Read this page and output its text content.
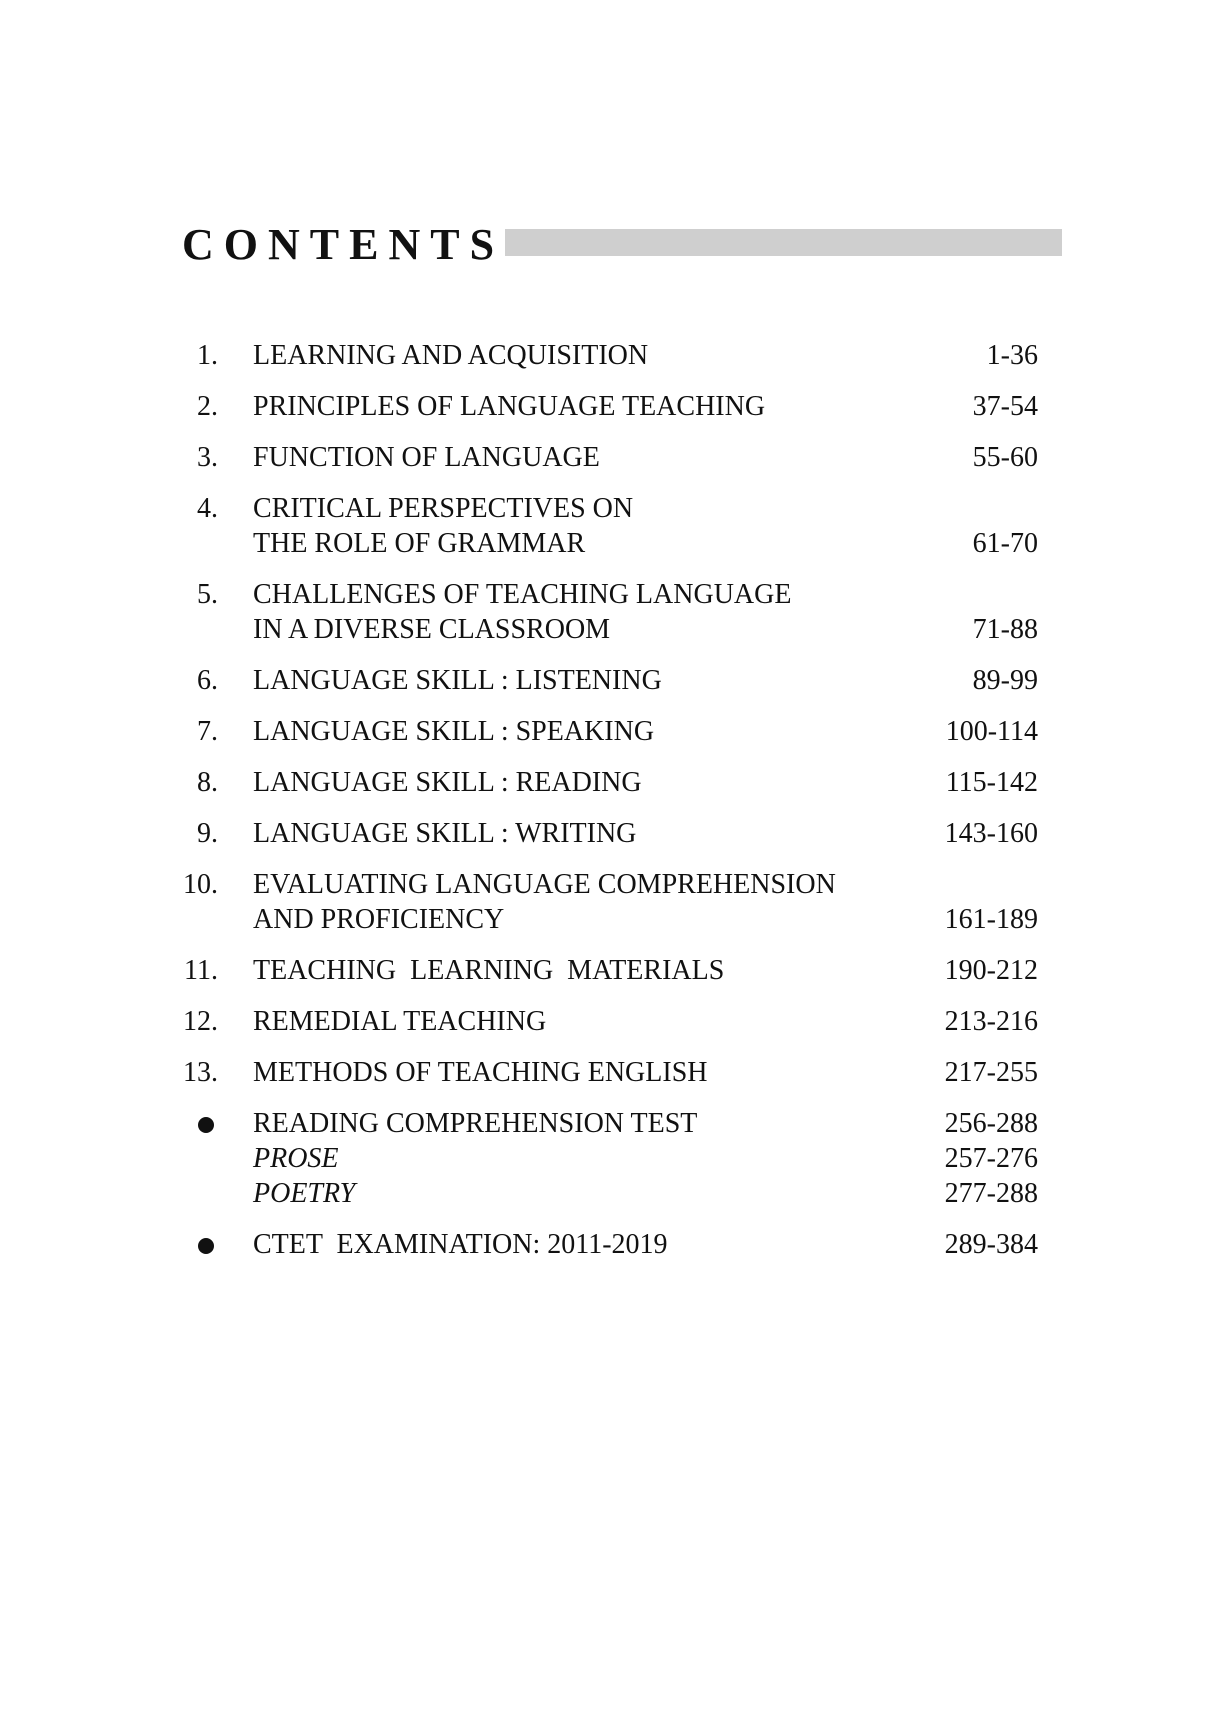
CONTENTS
1. LEARNING AND ACQUISITION	1-36
2. PRINCIPLES OF LANGUAGE TEACHING	37-54
3. FUNCTION OF LANGUAGE	55-60
4. CRITICAL PERSPECTIVES ON
THE ROLE OF GRAMMAR	61-70
5. CHALLENGES OF TEACHING LANGUAGE
IN A DIVERSE CLASSROOM	71-88
6. LANGUAGE SKILL : LISTENING	89-99
7. LANGUAGE SKILL : SPEAKING	100-114
8. LANGUAGE SKILL : READING	115-142
9. LANGUAGE SKILL : WRITING	143-160
10. EVALUATING LANGUAGE COMPREHENSION
AND PROFICIENCY	161-189
11. TEACHING  LEARNING  MATERIALS	190-212
12. REMEDIAL TEACHING	213-216
13. METHODS OF TEACHING ENGLISH	217-255
READING COMPREHENSION TEST	256-288
PROSE	257-276
POETRY	277-288
CTET  EXAMINATION: 2011-2019	289-384
